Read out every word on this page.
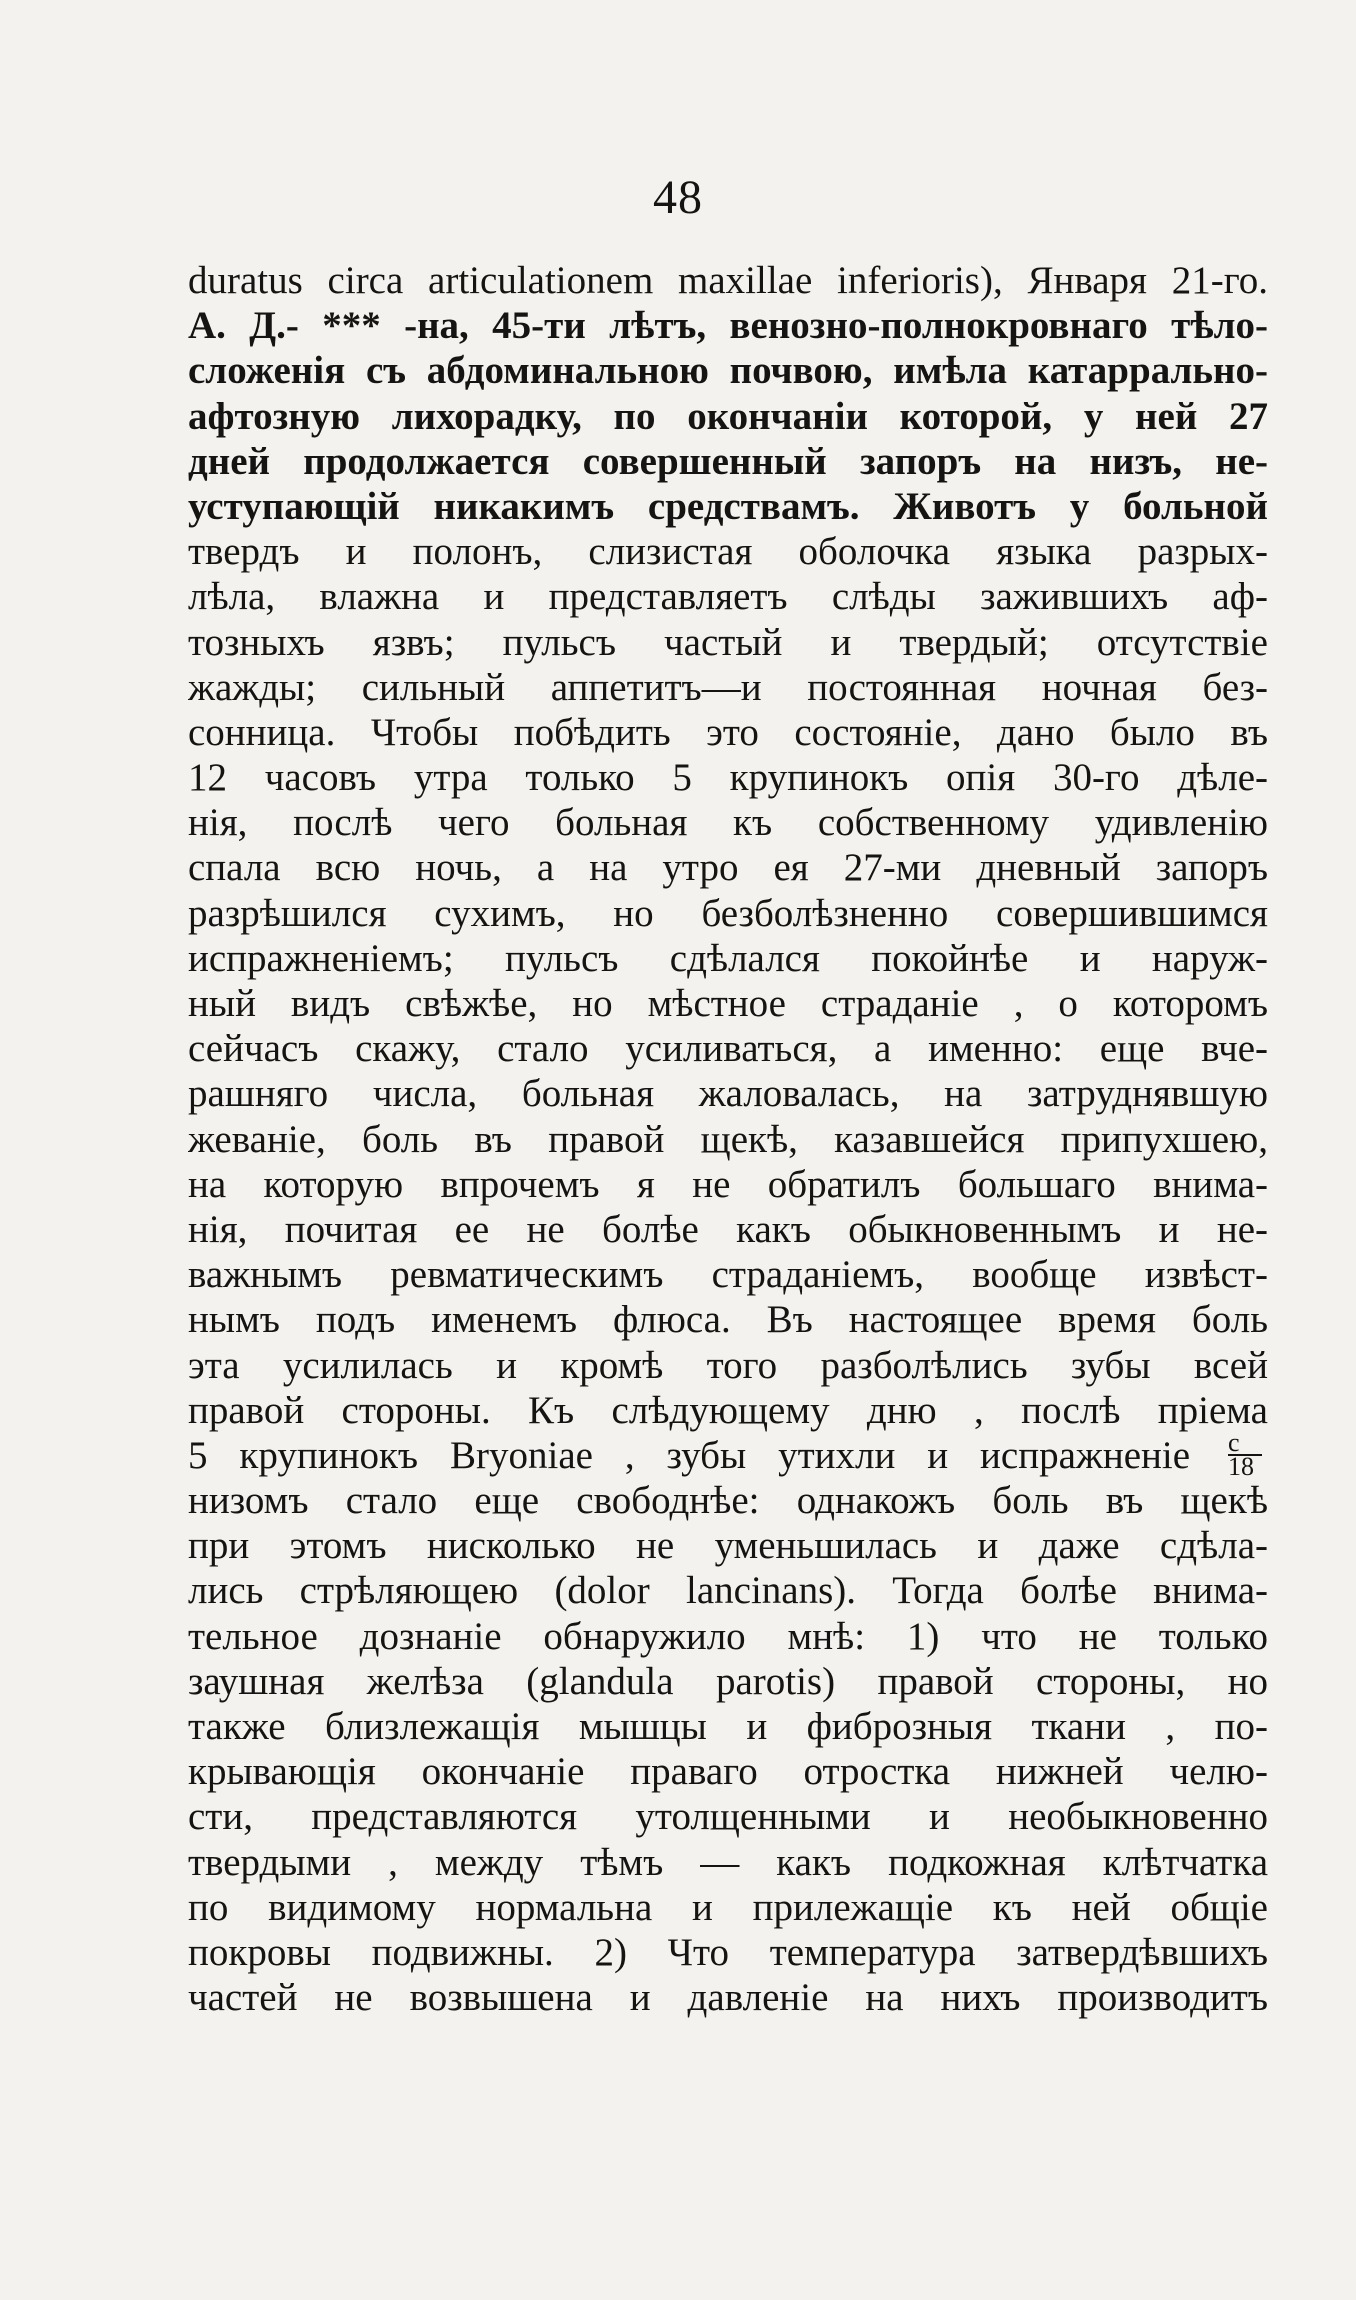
48
duratus circa articulationem maxillae inferioris), Января 21-го.
А. Д.- *** -на, 45-ти лѣтъ, венозно-полнокровнаго тѣло-
сложенія съ абдоминальною почвою, имѣла катаррально-
афтозную лихорадку, по окончаніи которой, у ней 27
дней продолжается совершенный запоръ на низъ, не-
уступающій никакимъ средствамъ. Животъ у больной
твердъ и полонъ, слизистая оболочка языка разрых-
лѣла, влажна и представляетъ слѣды зажившихъ аф-
тозныхъ язвъ; пульсъ частый и твердый; отсутствіе
жажды; сильный аппетитъ—и постоянная ночная без-
сонница. Чтобы побѣдить это состояніе, дано было въ
12 часовъ утра только 5 крупинокъ опія 30-го дѣле-
нія, послѣ чего больная къ собственному удивленію
спала всю ночь, а на утро ея 27-ми дневный запоръ
разрѣшился сухимъ, но безболѣзненно совершившимся
испражненіемъ; пульсъ сдѣлался покойнѣе и наруж-
ный видъ свѣжѣе, но мѣстное страданіе , о которомъ
сейчасъ скажу, стало усиливаться, а именно: еще вче-
рашняго числа, больная жаловалась, на затруднявшую
жеваніе, боль въ правой щекѣ, казавшейся припухшею,
на которую впрочемъ я не обратилъ большаго внима-
нія, почитая ее не болѣе какъ обыкновеннымъ и не-
важнымъ ревматическимъ страданіемъ, вообще извѣст-
нымъ подъ именемъ флюса. Въ настоящее время боль
эта усилилась и кромѣ того разболѣлись зубы всей
правой стороны. Къ слѣдующему дню , послѣ пріема
5 крупинокъ Bryoniae , зубы утихли и испражненіе $\frac{c}{18}$
низомъ стало еще свободнѣе: однакожъ боль въ щекѣ
при этомъ нисколько не уменьшилась и даже сдѣла-
лись стрѣляющею (dolor lancinans). Тогда болѣе внима-
тельное дознаніе обнаружило мнѣ: 1) что не только
заушная желѣза (glandula parotis) правой стороны, но
также близлежащія мышцы и фиброзныя ткани , по-
крывающія окончаніе праваго отростка нижней челю-
сти, представляются утолщенными и необыкновенно
твердыми , между тѣмъ — какъ подкожная клѣтчатка
по видимому нормальна и прилежащіе къ ней общіе
покровы подвижны. 2) Что температура затвердѣвшихъ
частей не возвышена и давленіе на нихъ производитъ
